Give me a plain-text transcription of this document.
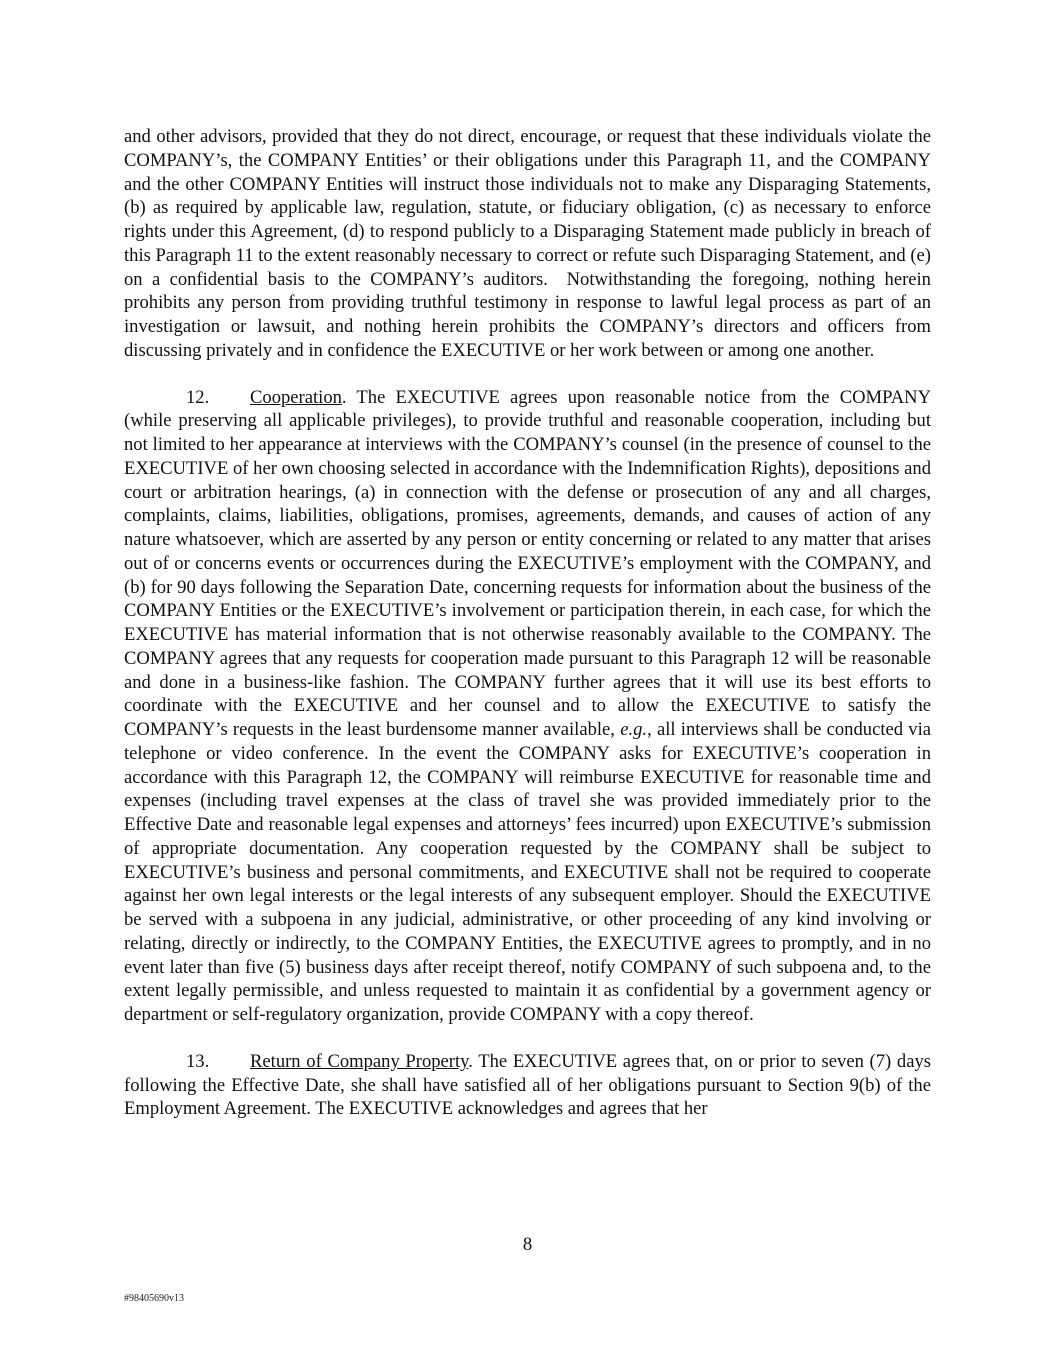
and other advisors, provided that they do not direct, encourage, or request that these individuals violate the COMPANY’s, the COMPANY Entities’ or their obligations under this Paragraph 11, and the COMPANY and the other COMPANY Entities will instruct those individuals not to make any Disparaging Statements, (b) as required by applicable law, regulation, statute, or fiduciary obligation, (c) as necessary to enforce rights under this Agreement, (d) to respond publicly to a Disparaging Statement made publicly in breach of this Paragraph 11 to the extent reasonably necessary to correct or refute such Disparaging Statement, and (e) on a confidential basis to the COMPANY’s auditors. Notwithstanding the foregoing, nothing herein prohibits any person from providing truthful testimony in response to lawful legal process as part of an investigation or lawsuit, and nothing herein prohibits the COMPANY’s directors and officers from discussing privately and in confidence the EXECUTIVE or her work between or among one another.

12. Cooperation. The EXECUTIVE agrees upon reasonable notice from the COMPANY (while preserving all applicable privileges), to provide truthful and reasonable cooperation, including but not limited to her appearance at interviews with the COMPANY’s counsel (in the presence of counsel to the EXECUTIVE of her own choosing selected in accordance with the Indemnification Rights), depositions and court or arbitration hearings, (a) in connection with the defense or prosecution of any and all charges, complaints, claims, liabilities, obligations, promises, agreements, demands, and causes of action of any nature whatsoever, which are asserted by any person or entity concerning or related to any matter that arises out of or concerns events or occurrences during the EXECUTIVE’s employment with the COMPANY, and (b) for 90 days following the Separation Date, concerning requests for information about the business of the COMPANY Entities or the EXECUTIVE’s involvement or participation therein, in each case, for which the EXECUTIVE has material information that is not otherwise reasonably available to the COMPANY. The COMPANY agrees that any requests for cooperation made pursuant to this Paragraph 12 will be reasonable and done in a business-like fashion. The COMPANY further agrees that it will use its best efforts to coordinate with the EXECUTIVE and her counsel and to allow the EXECUTIVE to satisfy the COMPANY’s requests in the least burdensome manner available, e.g., all interviews shall be conducted via telephone or video conference. In the event the COMPANY asks for EXECUTIVE’s cooperation in accordance with this Paragraph 12, the COMPANY will reimburse EXECUTIVE for reasonable time and expenses (including travel expenses at the class of travel she was provided immediately prior to the Effective Date and reasonable legal expenses and attorneys’ fees incurred) upon EXECUTIVE’s submission of appropriate documentation. Any cooperation requested by the COMPANY shall be subject to EXECUTIVE’s business and personal commitments, and EXECUTIVE shall not be required to cooperate against her own legal interests or the legal interests of any subsequent employer. Should the EXECUTIVE be served with a subpoena in any judicial, administrative, or other proceeding of any kind involving or relating, directly or indirectly, to the COMPANY Entities, the EXECUTIVE agrees to promptly, and in no event later than five (5) business days after receipt thereof, notify COMPANY of such subpoena and, to the extent legally permissible, and unless requested to maintain it as confidential by a government agency or department or self-regulatory organization, provide COMPANY with a copy thereof.

13. Return of Company Property. The EXECUTIVE agrees that, on or prior to seven (7) days following the Effective Date, she shall have satisfied all of her obligations pursuant to Section 9(b) of the Employment Agreement. The EXECUTIVE acknowledges and agrees that her

8
#98405690v13
